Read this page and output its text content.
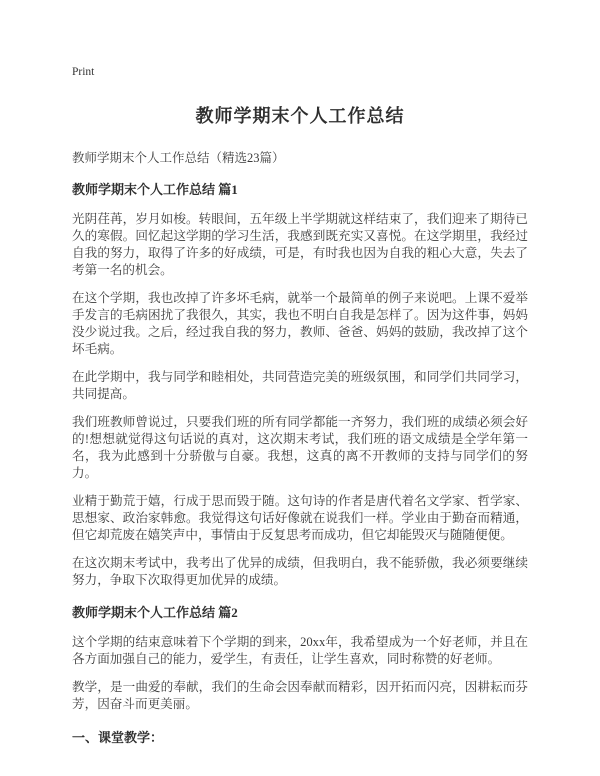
Print
教师学期末个人工作总结
教师学期末个人工作总结（精选23篇）
教师学期末个人工作总结 篇1

光阴荏苒，岁月如梭。转眼间，五年级上半学期就这样结束了，我们迎来了期待已久的寒假。回忆起这学期的学习生活，我感到既充实又喜悦。在这学期里，我经过自我的努力，取得了许多的好成绩，可是，有时我也因为自我的粗心大意，失去了考第一名的机会。

在这个学期，我也改掉了许多坏毛病，就举一个最简单的例子来说吧。上课不爱举手发言的毛病困扰了我很久，其实，我也不明白自我是怎样了。因为这件事，妈妈没少说过我。之后，经过我自我的努力，教师、爸爸、妈妈的鼓励，我改掉了这个坏毛病。

在此学期中，我与同学和睦相处，共同营造完美的班级氛围，和同学们共同学习，共同提高。

我们班教师曾说过，只要我们班的所有同学都能一齐努力，我们班的成绩必须会好的!想想就觉得这句话说的真对，这次期末考试，我们班的语文成绩是全学年第一名，我为此感到十分骄傲与自豪。我想，这真的离不开教师的支持与同学们的努力。

业精于勤荒于嬉，行成于思而毁于随。这句诗的作者是唐代着名文学家、哲学家、思想家、政治家韩愈。我觉得这句话好像就在说我们一样。学业由于勤奋而精通，但它却荒废在嬉笑声中，事情由于反复思考而成功，但它却能毁灭与随随便便。

在这次期末考试中，我考出了优异的成绩，但我明白，我不能骄傲，我必须要继续努力，争取下次取得更加优异的成绩。

教师学期末个人工作总结 篇2

这个学期的结束意味着下个学期的到来，20xx年，我希望成为一个好老师，并且在各方面加强自己的能力，爱学生，有责任，让学生喜欢，同时称赞的好老师。

教学，是一曲爱的奉献，我们的生命会因奉献而精彩，因开拓而闪亮，因耕耘而芬芳，因奋斗而更美丽。

一、课堂教学：
